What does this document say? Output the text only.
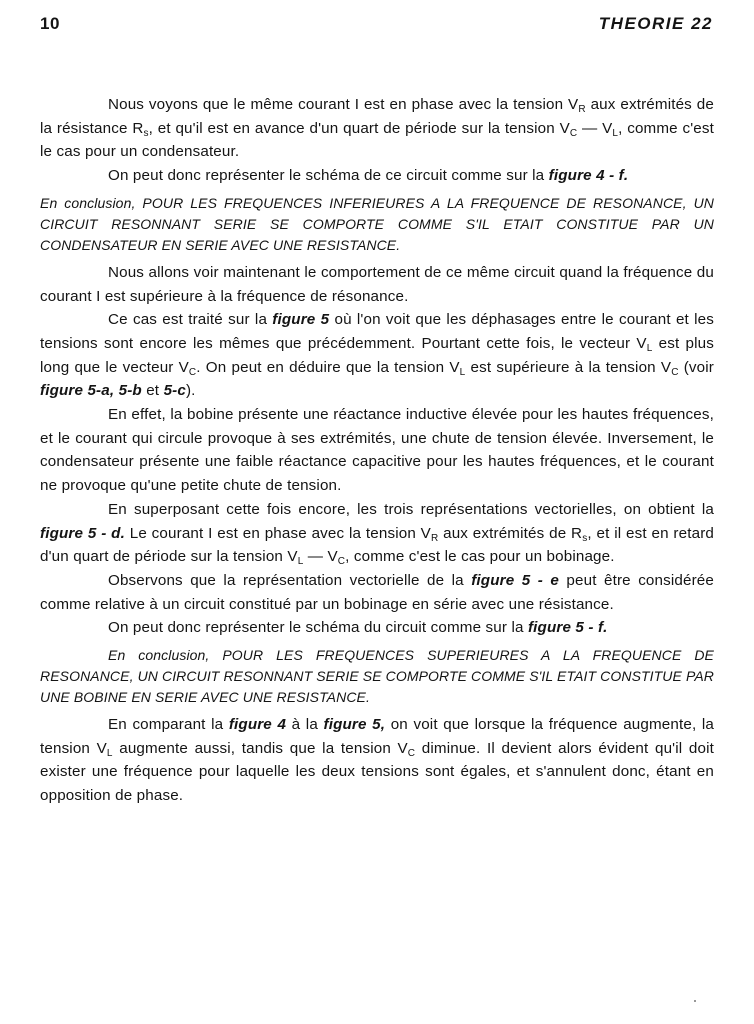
10	THEORIE 22

Nous voyons que le même courant I est en phase avec la tension $V_R$ aux extrémités de la résistance $R_s$, et qu'il est en avance d'un quart de période sur la tension $V_C$ — $V_L$, comme c'est le cas pour un condensateur.

On peut donc représenter le schéma de ce circuit comme sur la figure 4 - f.

En conclusion, POUR LES FREQUENCES INFERIEURES A LA FREQUENCE DE RESONANCE, UN CIRCUIT RESONNANT SERIE SE COMPORTE COMME S'IL ETAIT CONSTITUE PAR UN CONDENSATEUR EN SERIE AVEC UNE RESISTANCE.

Nous allons voir maintenant le comportement de ce même circuit quand la fréquence du courant I est supérieure à la fréquence de résonance.

Ce cas est traité sur la figure 5 où l'on voit que les déphasages entre le courant et les tensions sont encore les mêmes que précédemment. Pourtant cette fois, le vecteur $V_L$ est plus long que le vecteur $V_C$. On peut en déduire que la tension $V_L$ est supérieure à la tension $V_C$ (voir figure 5-a, 5-b et 5-c).

En effet, la bobine présente une réactance inductive élevée pour les hautes fréquences, et le courant qui circule provoque à ses extrémités, une chute de tension élevée. Inversement, le condensateur présente une faible réactance capacitive pour les hautes fréquences, et le courant ne provoque qu'une petite chute de tension.

En superposant cette fois encore, les trois représentations vectorielles, on obtient la figure 5 - d. Le courant I est en phase avec la tension $V_R$ aux extrémités de $R_s$, et il est en retard d'un quart de période sur la tension $V_L$ — $V_C$, comme c'est le cas pour un bobinage.

Observons que la représentation vectorielle de la figure 5 - e peut être considérée comme relative à un circuit constitué par un bobinage en série avec une résistance.

On peut donc représenter le schéma du circuit comme sur la figure 5 - f.

En conclusion, POUR LES FREQUENCES SUPERIEURES A LA FREQUENCE DE RESONANCE, UN CIRCUIT RESONNANT SERIE SE COMPORTE COMME S'IL ETAIT CONSTITUE PAR UNE BOBINE EN SERIE AVEC UNE RESISTANCE.

En comparant la figure 4 à la figure 5, on voit que lorsque la fréquence augmente, la tension $V_L$ augmente aussi, tandis que la tension $V_C$ diminue. Il devient alors évident qu'il doit exister une fréquence pour laquelle les deux tensions sont égales, et s'annulent donc, étant en opposition de phase.
